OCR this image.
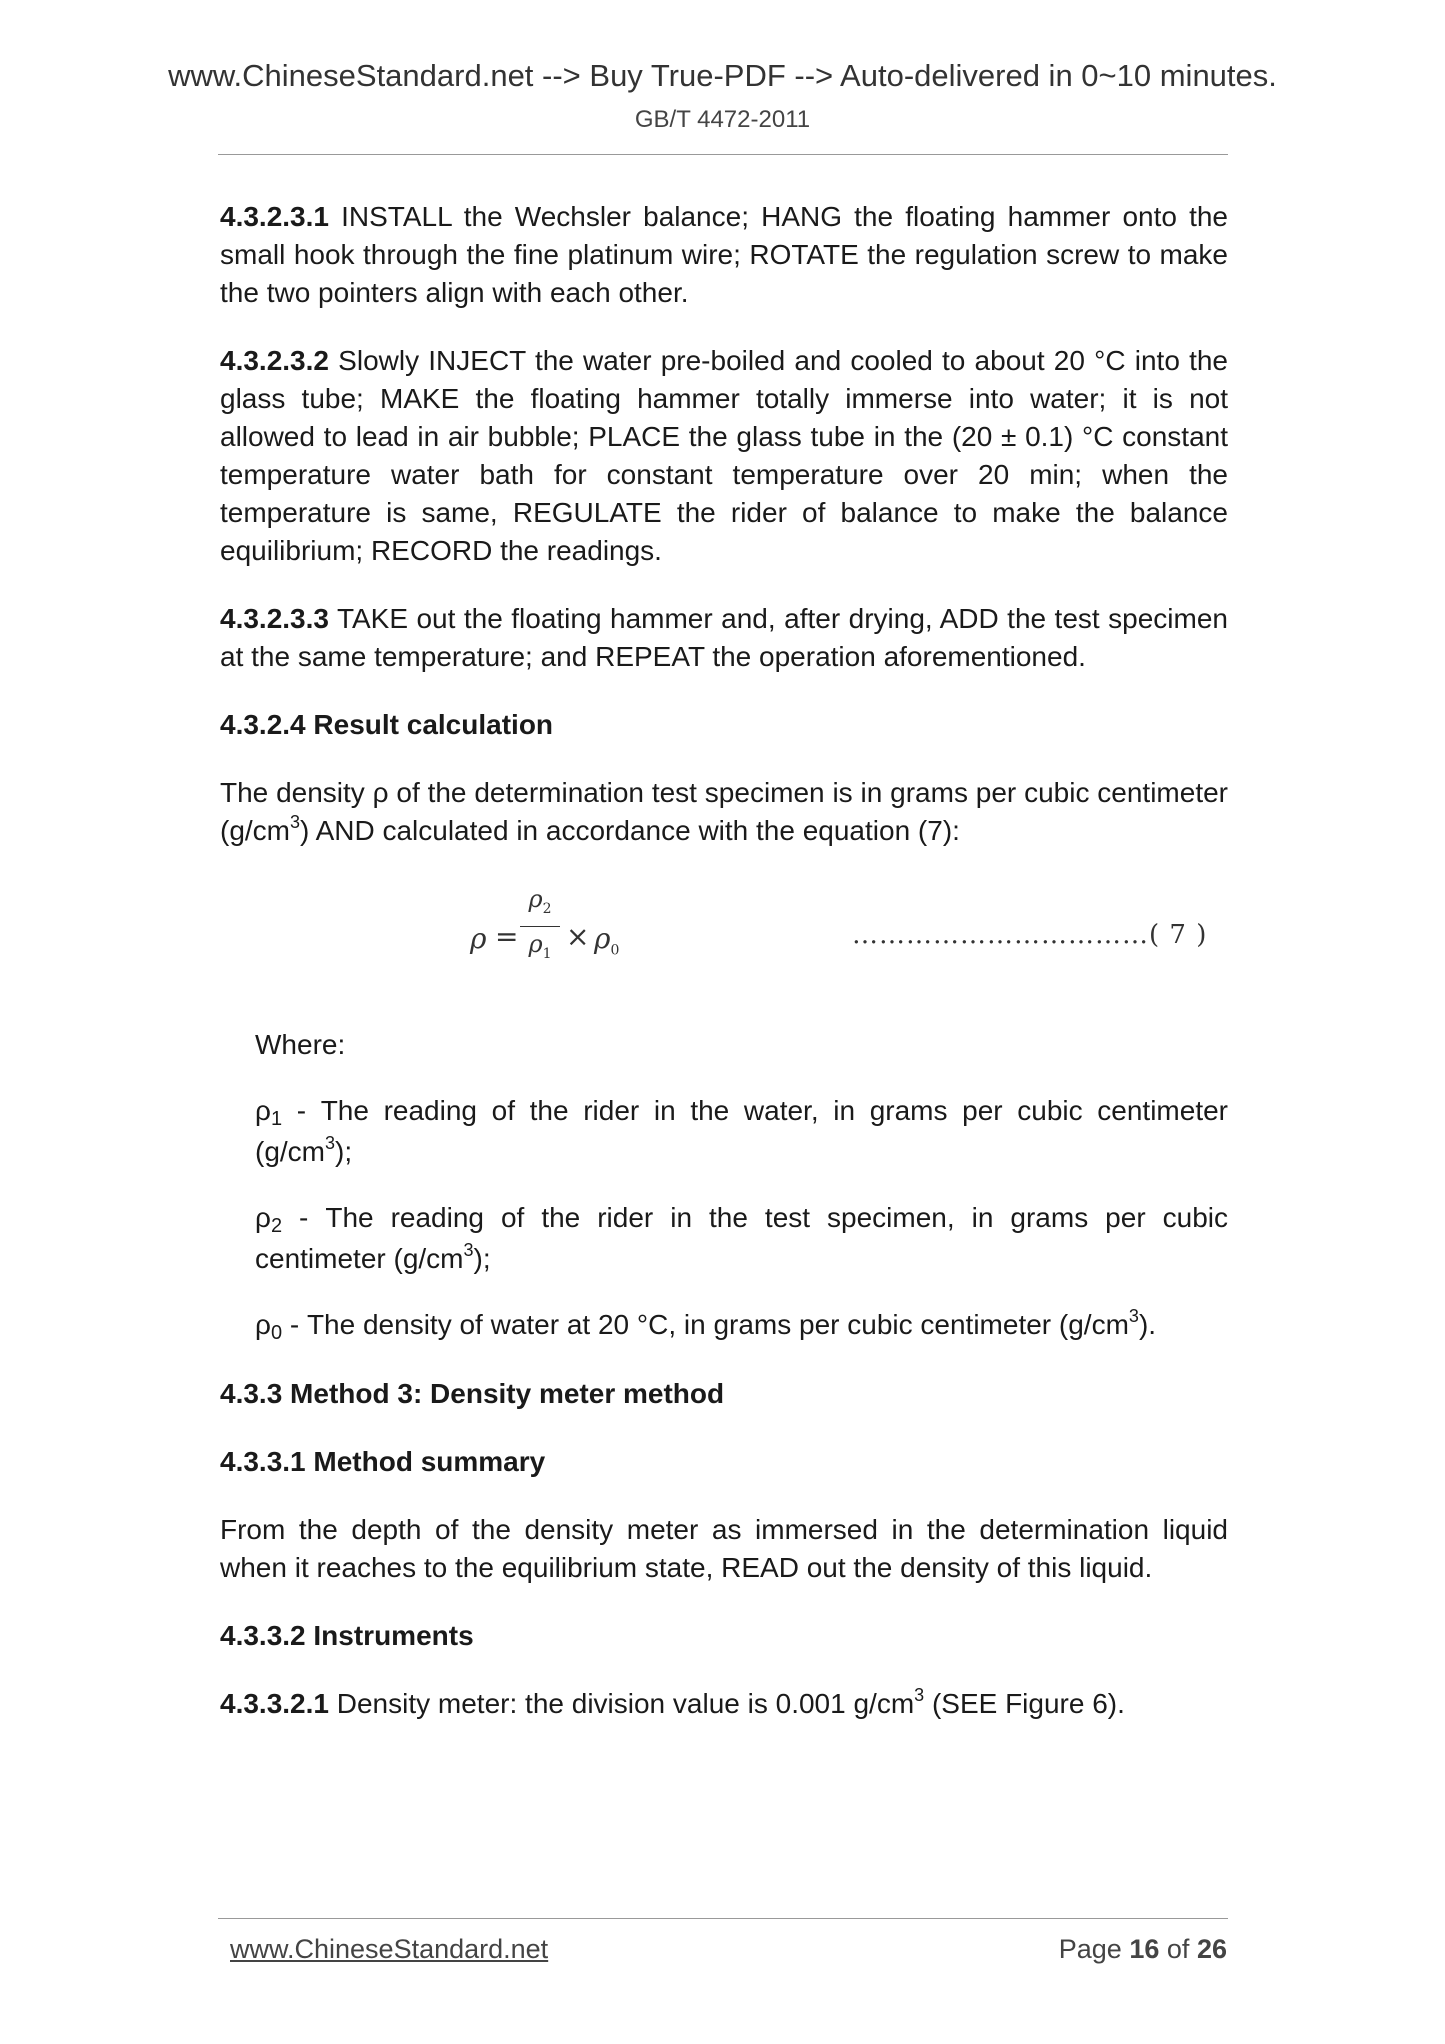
www.ChineseStandard.net --> Buy True-PDF --> Auto-delivered in 0~10 minutes.
GB/T 4472-2011

4.3.2.3.1 INSTALL the Wechsler balance; HANG the floating hammer onto the small hook through the fine platinum wire; ROTATE the regulation screw to make the two pointers align with each other.

4.3.2.3.2 Slowly INJECT the water pre-boiled and cooled to about 20 °C into the glass tube; MAKE the floating hammer totally immerse into water; it is not allowed to lead in air bubble; PLACE the glass tube in the (20 ± 0.1) °C constant temperature water bath for constant temperature over 20 min; when the temperature is same, REGULATE the rider of balance to make the balance equilibrium; RECORD the readings.

4.3.2.3.3 TAKE out the floating hammer and, after drying, ADD the test specimen at the same temperature; and REPEAT the operation aforementioned.

4.3.2.4 Result calculation

The density ρ of the determination test specimen is in grams per cubic centimeter $(g/cm^3)$ AND calculated in accordance with the equation (7):

$\rho = \frac{\rho_2}{\rho_1} \times \rho_0$
……………………………( 7 )

Where:

ρ1 - The reading of the rider in the water, in grams per cubic centimeter $(g/cm^3)$;

ρ2 - The reading of the rider in the test specimen, in grams per cubic centimeter $(g/cm^3)$;

ρ0 - The density of water at 20 °C, in grams per cubic centimeter $(g/cm^3)$.

4.3.3 Method 3: Density meter method

4.3.3.1 Method summary

From the depth of the density meter as immersed in the determination liquid when it reaches to the equilibrium state, READ out the density of this liquid.

4.3.3.2 Instruments

4.3.3.2.1 Density meter: the division value is 0.001 $g/cm^3$ (SEE Figure 6).

www.ChineseStandard.net	Page 16 of 26
